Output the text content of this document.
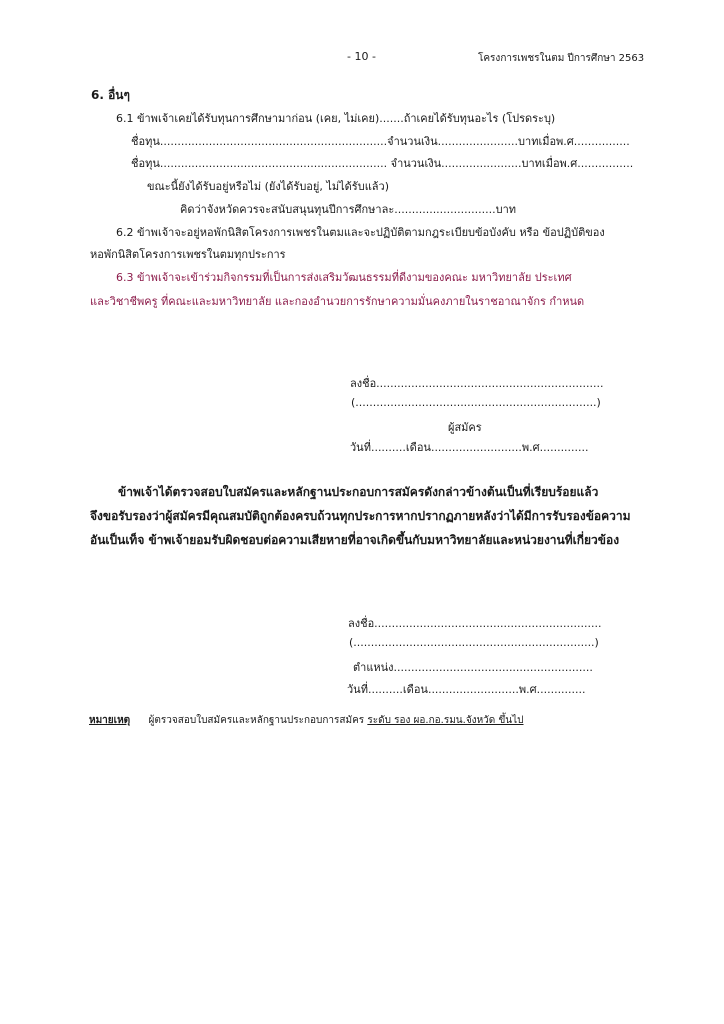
- 10 -	โครงการเพชรในตม ปีการศึกษา 2563
6. อื่นๆ
6.1 ข้าพเจ้าเคยได้รับทุนการศึกษามาก่อน (เคย, ไม่เคย).......ถ้าเคยได้รับทุนอะไร (โปรดระบุ)
ชื่อทุน.................................................................จำนวนเงิน.......................บาทเมื่อพ.ศ................
ชื่อทุน................................................................. จำนวนเงิน.......................บาทเมื่อพ.ศ................
ขณะนี้ยังได้รับอยู่หรือไม่ (ยังได้รับอยู่, ไม่ได้รับแล้ว)
คิดว่าจังหวัดควรจะสนับสนุนทุนปีการศึกษาละ.............................บาท
6.2 ข้าพเจ้าจะอยู่หอพักนิสิตโครงการเพชรในตมและจะปฏิบัติตามกฎระเบียบข้อบังคับ หรือ ข้อปฏิบัติของ
หอพักนิสิตโครงการเพชรในตมทุกประการ
6.3 ข้าพเจ้าจะเข้าร่วมกิจกรรมที่เป็นการส่งเสริมวัฒนธรรมที่ดีงามของคณะ มหาวิทยาลัย ประเทศ
และวิชาชีพครู ที่คณะและมหาวิทยาลัย และกองอำนวยการรักษาความมั่นคงภายในราชอาณาจักร กำหนด
ลงชื่อ.................................................................
(.....................................................................)
ผู้สมัคร
วันที่..........เดือน..........................พ.ศ..............
ข้าพเจ้าได้ตรวจสอบใบสมัครและหลักฐานประกอบการสมัครดังกล่าวข้างต้นเป็นที่เรียบร้อยแล้ว
จึงขอรับรองว่าผู้สมัครมีคุณสมบัติถูกต้องครบถ้วนทุกประการหากปรากฏภายหลังว่าได้มีการรับรองข้อความ
อันเป็นเท็จ ข้าพเจ้ายอมรับผิดชอบต่อความเสียหายที่อาจเกิดขึ้นกับมหาวิทยาลัยและหน่วยงานที่เกี่ยวข้อง
ลงชื่อ.................................................................
(.....................................................................)
ตำแหน่ง.........................................................
วันที่..........เดือน..........................พ.ศ..............
หมายเหตุ ผู้ตรวจสอบใบสมัครและหลักฐานประกอบการสมัคร ระดับ รอง ผอ.กอ.รมน.จังหวัด ขึ้นไป
